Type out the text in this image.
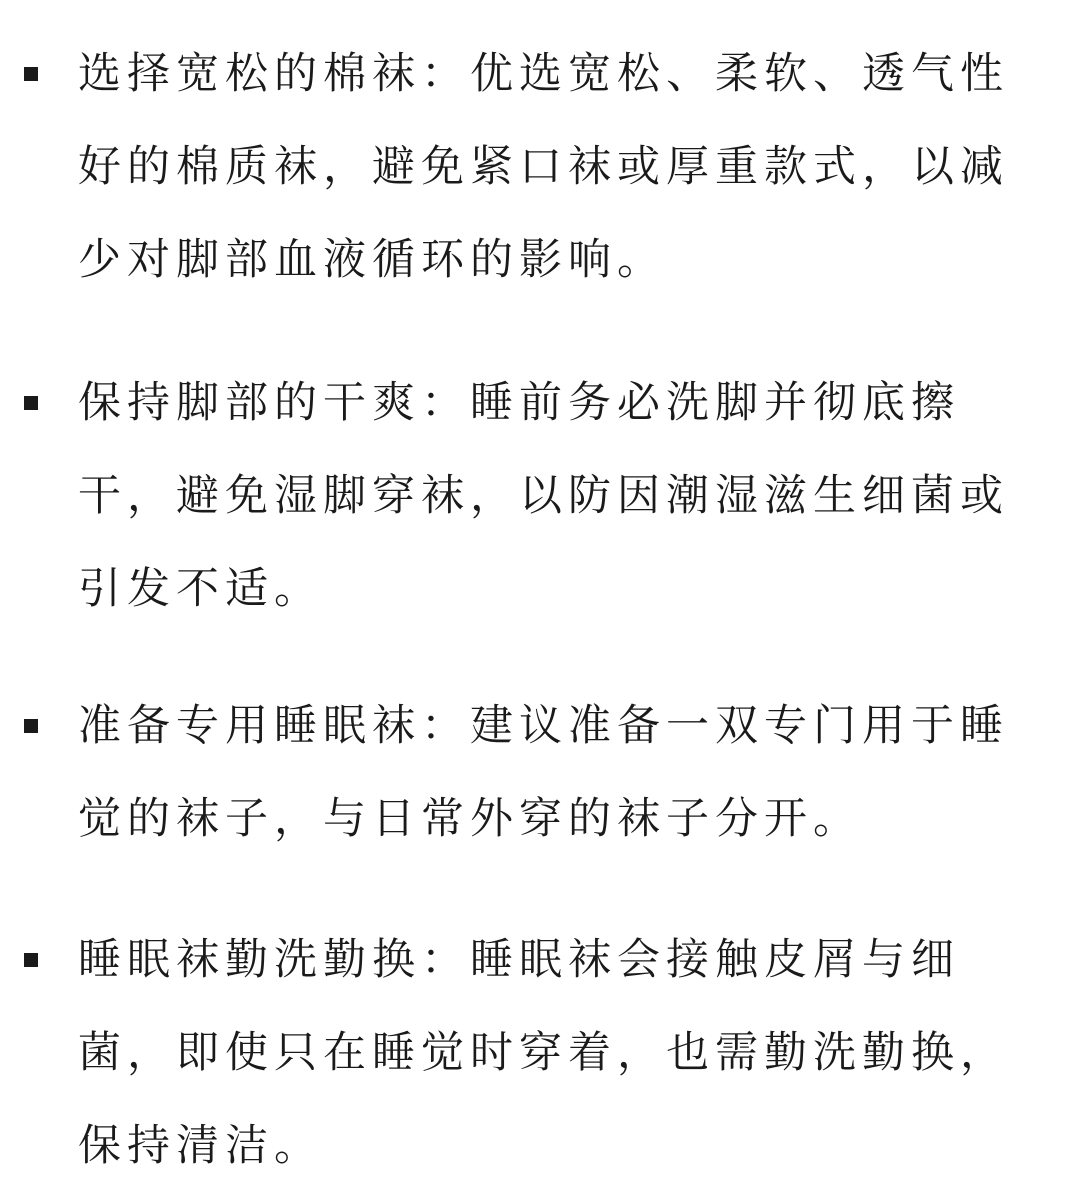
选择宽松的棉袜：优选宽松、柔软、透气性
好的棉质袜，避免紧口袜或厚重款式，以减
少对脚部血液循环的影响。
保持脚部的干爽：睡前务必洗脚并彻底擦
干，避免湿脚穿袜，以防因潮湿滋生细菌或
引发不适。
准备专用睡眠袜：建议准备一双专门用于睡
觉的袜子，与日常外穿的袜子分开。
睡眠袜勤洗勤换：睡眠袜会接触皮屑与细
菌，即使只在睡觉时穿着，也需勤洗勤换，
保持清洁。
